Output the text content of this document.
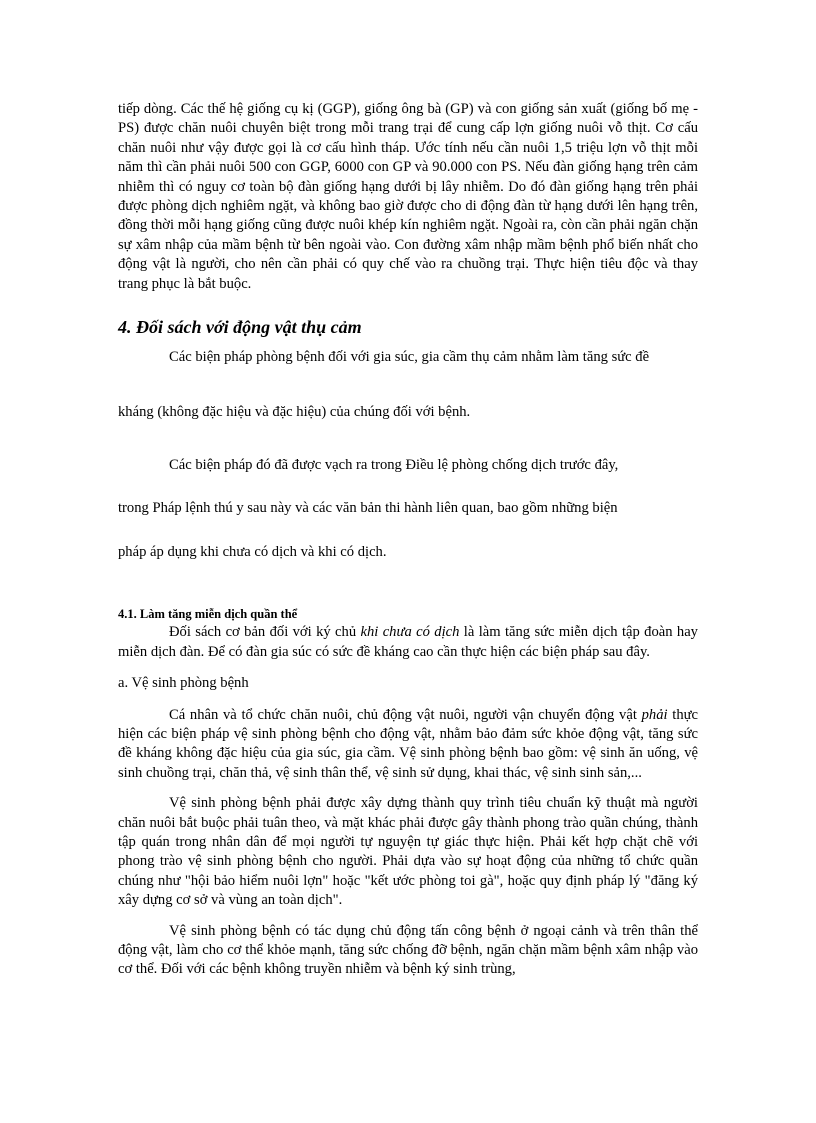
tiếp dòng. Các thế hệ giống cụ kị (GGP), giống ông bà (GP) và con giống sản xuất (giống bố mẹ - PS) được chăn nuôi chuyên biệt trong mỗi trang trại để cung cấp lợn giống nuôi vỗ thịt. Cơ cấu chăn nuôi như vậy được gọi là cơ cấu hình tháp. Ước tính nếu cần nuôi 1,5 triệu lợn vỗ thịt mỗi năm thì cần phải nuôi 500 con GGP, 6000 con GP và 90.000 con PS. Nếu đàn giống hạng trên cảm nhiễm thì có nguy cơ toàn bộ đàn giống hạng dưới bị lây nhiễm. Do đó đàn giống hạng trên phải được phòng dịch nghiêm ngặt, và không bao giờ được cho di động đàn từ hạng dưới lên hạng trên, đồng thời mỗi hạng giống cũng được nuôi khép kín nghiêm ngặt. Ngoài ra, còn cần phải ngăn chặn sự xâm nhập của mầm bệnh từ bên ngoài vào. Con đường xâm nhập mầm bệnh phổ biến nhất cho động vật là người, cho nên cần phải có quy chế vào ra chuồng trại. Thực hiện tiêu độc và thay trang phục là bắt buộc.

4. Đối sách với động vật thụ cảm

Các biện pháp phòng bệnh đối với gia súc, gia cầm thụ cảm nhằm làm tăng sức đề

kháng (không đặc hiệu và đặc hiệu) của chúng đối với bệnh.

Các biện pháp đó đã được vạch ra trong Điều lệ phòng chống dịch trước đây,

trong Pháp lệnh thú y sau này và các văn bản thi hành liên quan, bao gồm những biện

pháp áp dụng khi chưa có dịch và khi có dịch.

4.1. Làm tăng miễn dịch quần thể

Đối sách cơ bản đối với ký chủ khi chưa có dịch là làm tăng sức miễn dịch tập đoàn hay miễn dịch đàn. Để có đàn gia súc có sức đề kháng cao cần thực hiện các biện pháp sau đây.

a. Vệ sinh phòng bệnh

Cá nhân và tổ chức chăn nuôi, chủ động vật nuôi, người vận chuyển động vật phải thực hiện các biện pháp vệ sinh phòng bệnh cho động vật, nhằm bảo đảm sức khỏe động vật, tăng sức đề kháng không đặc hiệu của gia súc, gia cầm. Vệ sinh phòng bệnh bao gồm: vệ sinh ăn uống, vệ sinh chuồng trại, chăn thả, vệ sinh thân thể, vệ sinh sử dụng, khai thác, vệ sinh sinh sản,...

Vệ sinh phòng bệnh phải được xây dựng thành quy trình tiêu chuẩn kỹ thuật mà người chăn nuôi bắt buộc phải tuân theo, và mặt khác phải được gây thành phong trào quần chúng, thành tập quán trong nhân dân để mọi người tự nguyện tự giác thực hiện. Phải kết hợp chặt chẽ với phong trào vệ sinh phòng bệnh cho người. Phải dựa vào sự hoạt động của những tổ chức quần chúng như "hội bảo hiểm nuôi lợn" hoặc "kết ước phòng toi gà", hoặc quy định pháp lý "đăng ký xây dựng cơ sở và vùng an toàn dịch".

Vệ sinh phòng bệnh có tác dụng chủ động tấn công bệnh ở ngoại cảnh và trên thân thể động vật, làm cho cơ thể khỏe mạnh, tăng sức chống đỡ bệnh, ngăn chặn mầm bệnh xâm nhập vào cơ thể. Đối với các bệnh không truyền nhiễm và bệnh ký sinh trùng,
